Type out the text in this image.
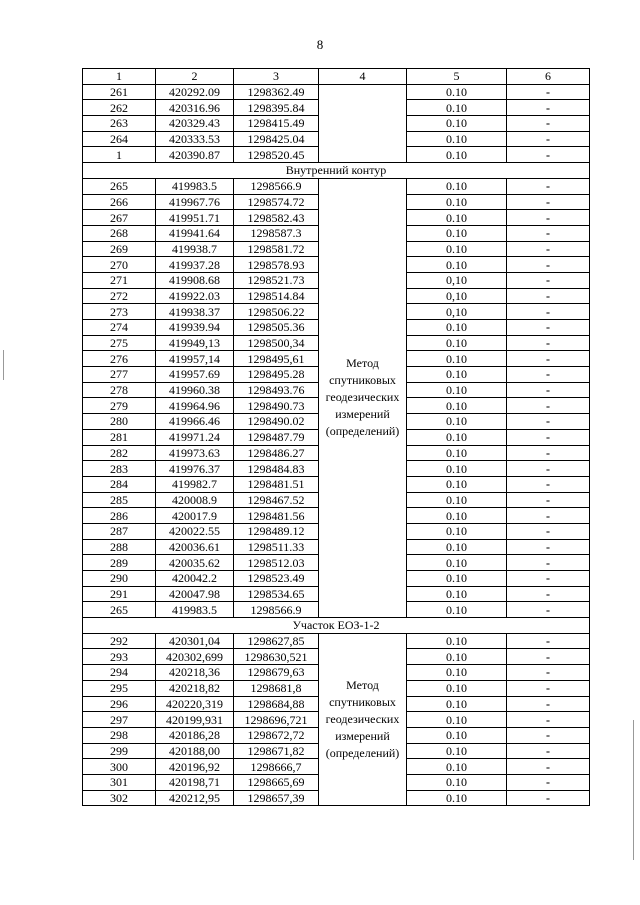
8
1	2	3	4	5	6
261	420292.09	1298362.49		0.10	-
262	420316.96	1298395.84		0.10	-
263	420329.43	1298415.49		0.10	-
264	420333.53	1298425.04		0.10	-
1	420390.87	1298520.45		0.10	-
Внутренний контур					
265	419983.5	1298566.9	Метод спутниковых геодезических измерений (определений)	0.10	-
266	419967.76	1298574.72		0.10	-
267	419951.71	1298582.43		0.10	-
268	419941.64	1298587.3		0.10	-
269	419938.7	1298581.72		0.10	-
270	419937.28	1298578.93		0.10	-
271	419908.68	1298521.73		0,10	-
272	419922.03	1298514.84		0,10	-
273	419938.37	1298506.22		0,10	-
274	419939.94	1298505.36		0.10	-
275	419949,13	1298500,34		0.10	-
276	419957,14	1298495,61		0.10	-
277	419957.69	1298495.28		0.10	-
278	419960.38	1298493.76		0.10	-
279	419964.96	1298490.73		0.10	-
280	419966.46	1298490.02		0.10	-
281	419971.24	1298487.79		0.10	-
282	419973.63	1298486.27		0.10	-
283	419976.37	1298484.83		0.10	-
284	419982.7	1298481.51		0.10	-
285	420008.9	1298467.52		0.10	-
286	420017.9	1298481.56		0.10	-
287	420022.55	1298489.12		0.10	-
288	420036.61	1298511.33		0.10	-
289	420035.62	1298512.03		0.10	-
290	420042.2	1298523.49		0.10	-
291	420047.98	1298534.65		0.10	-
265	419983.5	1298566.9		0.10	-
Участок ЕОЗ-1-2					
292	420301,04	1298627,85	Метод спутниковых геодезических измерений (определений)	0.10	-
293	420302,699	1298630,521		0.10	-
294	420218,36	1298679,63		0.10	-
295	420218,82	1298681,8		0.10	-
296	420220,319	1298684,88		0.10	-
297	420199,931	1298696,721		0.10	-
298	420186,28	1298672,72		0.10	-
299	420188,00	1298671,82		0.10	-
300	420196,92	1298666,7		0.10	-
301	420198,71	1298665,69		0.10	-
302	420212,95	1298657,39		0.10	-
